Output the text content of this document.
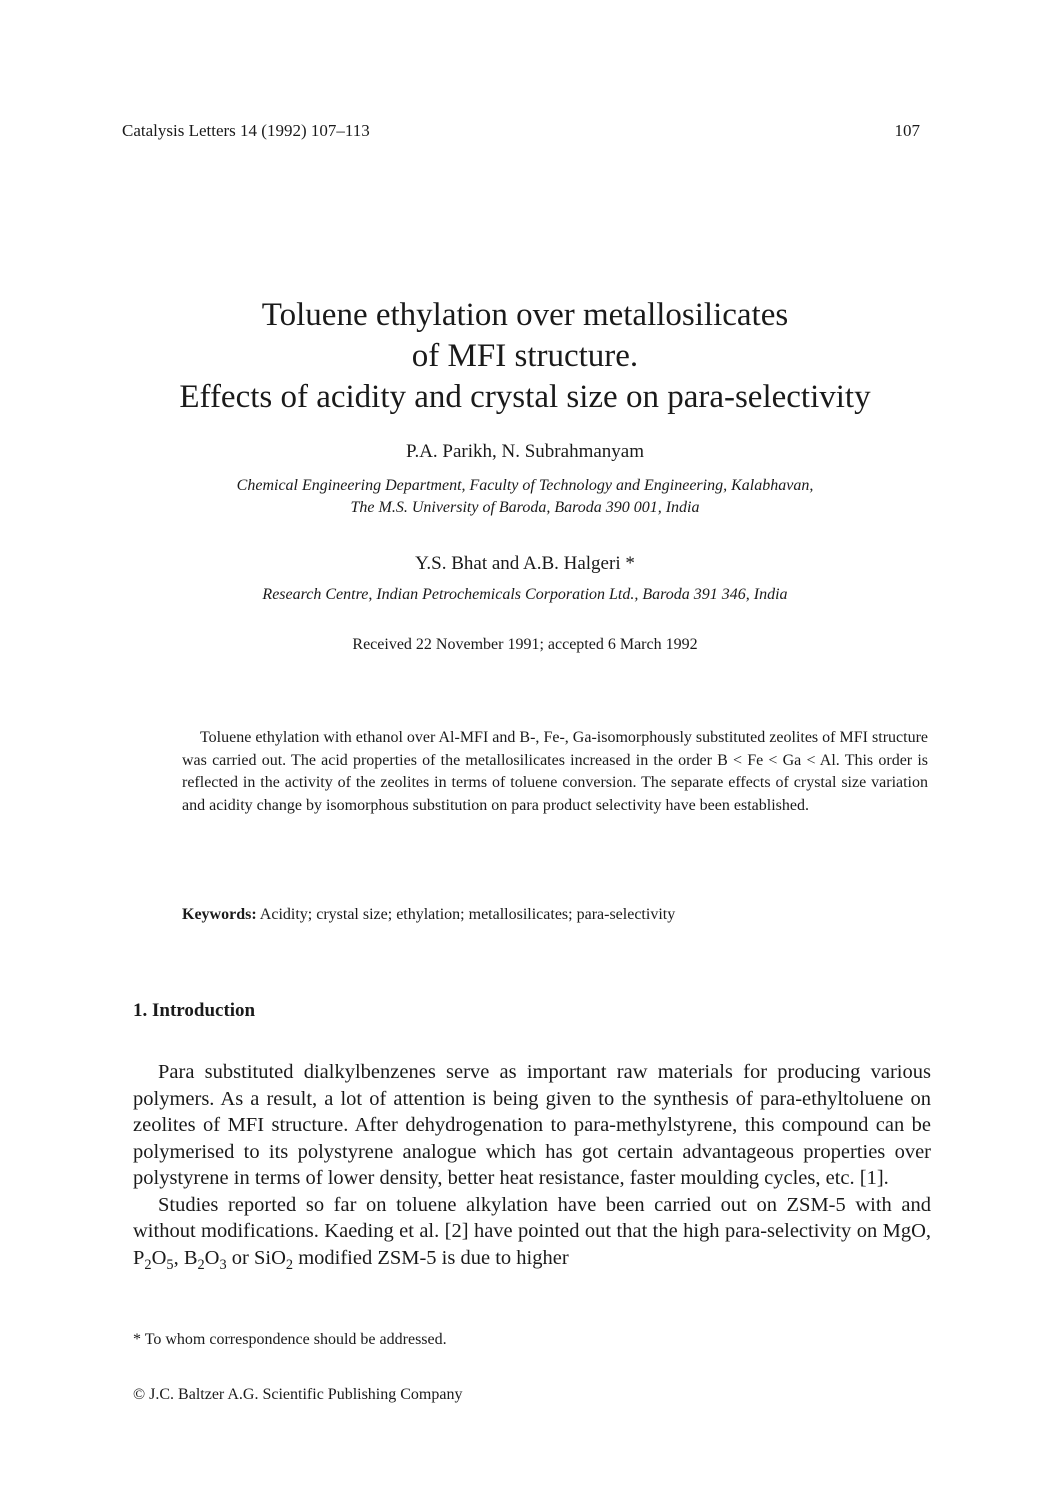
Catalysis Letters 14 (1992) 107–113	107
Toluene ethylation over metallosilicates
of MFI structure.
Effects of acidity and crystal size on para-selectivity
P.A. Parikh, N. Subrahmanyam
Chemical Engineering Department, Faculty of Technology and Engineering, Kalabhavan,
The M.S. University of Baroda, Baroda 390 001, India
Y.S. Bhat and A.B. Halgeri *
Research Centre, Indian Petrochemicals Corporation Ltd., Baroda 391 346, India
Received 22 November 1991; accepted 6 March 1992

Toluene ethylation with ethanol over Al-MFI and B-, Fe-, Ga-isomorphously substituted zeolites of MFI structure was carried out. The acid properties of the metallosilicates increased in the order B < Fe < Ga < Al. This order is reflected in the activity of the zeolites in terms of toluene conversion. The separate effects of crystal size variation and acidity change by isomorphous substitution on para product selectivity have been established.

Keywords: Acidity; crystal size; ethylation; metallosilicates; para-selectivity
1. Introduction

Para substituted dialkylbenzenes serve as important raw materials for producing various polymers. As a result, a lot of attention is being given to the synthesis of para-ethyltoluene on zeolites of MFI structure. After dehydrogenation to para-methylstyrene, this compound can be polymerised to its polystyrene analogue which has got certain advantageous properties over polystyrene in terms of lower density, better heat resistance, faster moulding cycles, etc. [1].

Studies reported so far on toluene alkylation have been carried out on ZSM-5 with and without modifications. Kaeding et al. [2] have pointed out that the high para-selectivity on MgO, $P_2O_5$, $B_2O_3$ or SiO$_2$ modified ZSM-5 is due to higher

* To whom correspondence should be addressed.
© J.C. Baltzer A.G. Scientific Publishing Company
